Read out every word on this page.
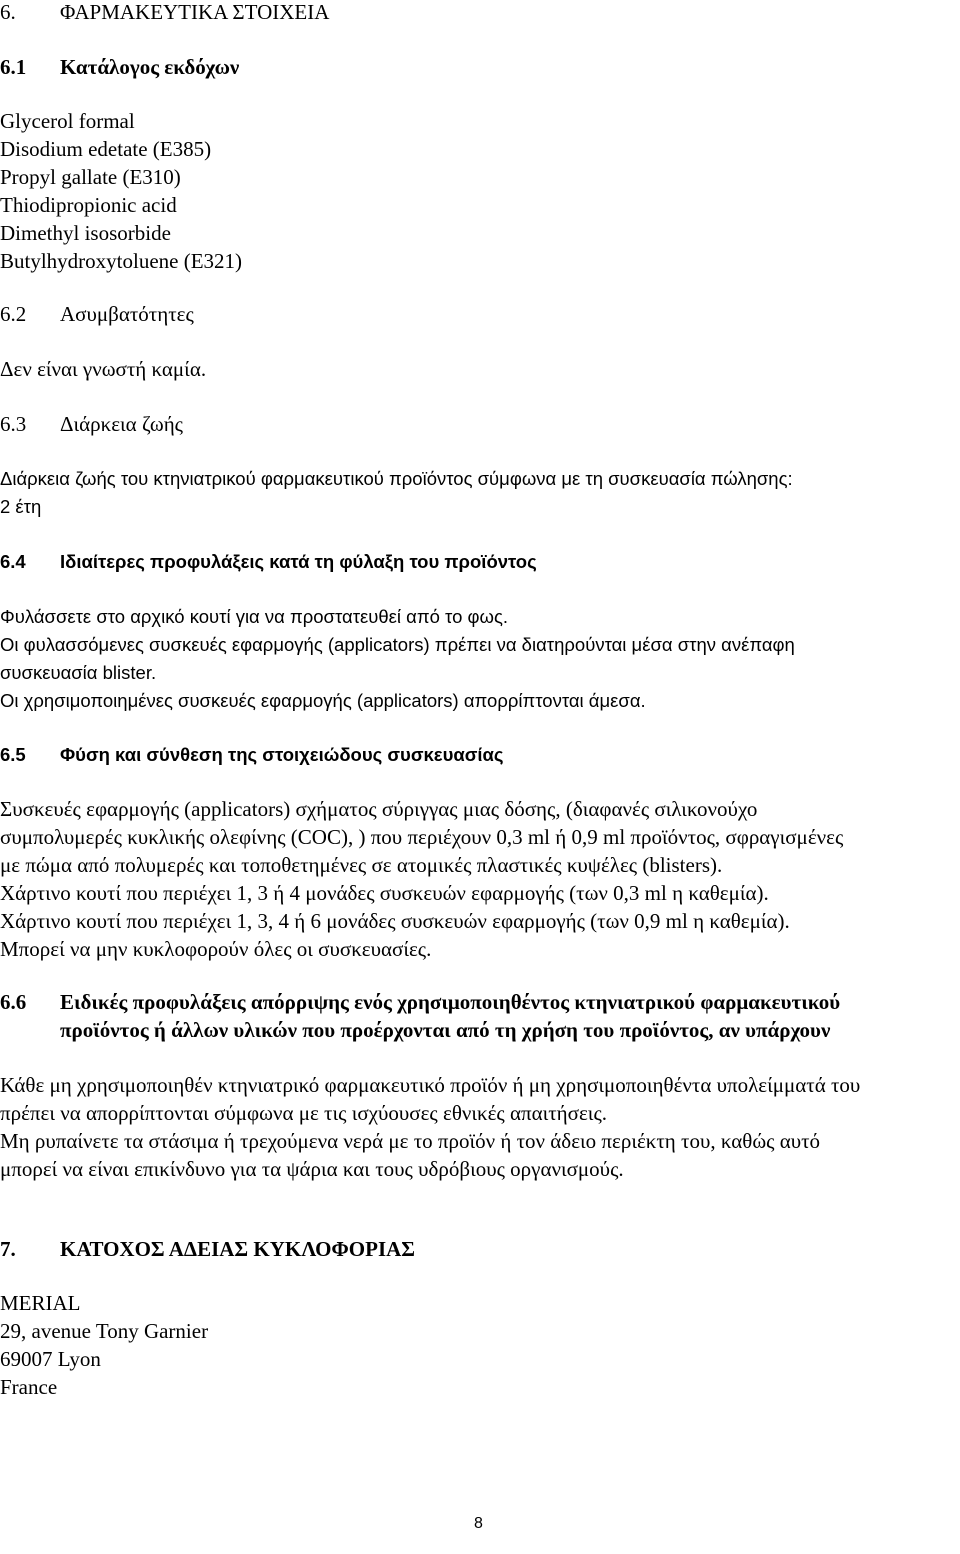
6. ΦΑΡΜΑΚΕΥΤΙΚΑ ΣΤΟΙΧΕΙΑ
6.1 Κατάλογος εκδόχων
Glycerol formal
Disodium edetate (E385)
Propyl gallate (E310)
Thiodipropionic acid
Dimethyl isosorbide
Butylhydroxytoluene (E321)
6.2 Ασυμβατότητες
Δεν είναι γνωστή καμία.
6.3 Διάρκεια ζωής
Διάρκεια ζωής του κτηνιατρικού φαρμακευτικού προϊόντος σύμφωνα με τη συσκευασία πώλησης:
2 έτη
6.4 Ιδιαίτερες προφυλάξεις κατά τη φύλαξη του προϊόντος
Φυλάσσετε στο αρχικό κουτί για να προστατευθεί από το φως.
Οι φυλασσόμενες συσκευές εφαρμογής (applicators) πρέπει να διατηρούνται μέσα στην ανέπαφη
συσκευασία blister.
Οι χρησιμοποιημένες συσκευές εφαρμογής (applicators) απορρίπτονται άμεσα.
6.5 Φύση και σύνθεση της στοιχειώδους συσκευασίας
Συσκευές εφαρμογής (applicators) σχήματος σύριγγας μιας δόσης, (διαφανές σιλικονούχο
συμπολυμερές κυκλικής ολεφίνης (COC), ) που περιέχουν 0,3 ml ή 0,9 ml προϊόντος, σφραγισμένες
με πώμα από πολυμερές και τοποθετημένες σε ατομικές πλαστικές κυψέλες (blisters).
Χάρτινο κουτί που περιέχει 1, 3 ή 4 μονάδες συσκευών εφαρμογής (των 0,3 ml η καθεμία).
Χάρτινο κουτί που περιέχει 1, 3, 4 ή 6 μονάδες συσκευών εφαρμογής (των 0,9 ml η καθεμία).
Μπορεί να μην κυκλοφορούν όλες οι συσκευασίες.
6.6 Ειδικές προφυλάξεις απόρριψης ενός χρησιμοποιηθέντος κτηνιατρικού φαρμακευτικού
προϊόντος ή άλλων υλικών που προέρχονται από τη χρήση του προϊόντος, αν υπάρχουν
Κάθε μη χρησιμοποιηθέν κτηνιατρικό φαρμακευτικό προϊόν ή μη χρησιμοποιηθέντα υπολείμματά του
πρέπει να απορρίπτονται σύμφωνα με τις ισχύουσες εθνικές απαιτήσεις.
Μη ρυπαίνετε τα στάσιμα ή τρεχούμενα νερά με το προϊόν ή τον άδειο περιέκτη του, καθώς αυτό
μπορεί να είναι επικίνδυνο για τα ψάρια και τους υδρόβιους οργανισμούς.
7. ΚΑΤΟΧΟΣ ΑΔΕΙΑΣ ΚΥΚΛΟΦΟΡΙΑΣ
MERIAL
29, avenue Tony Garnier
69007 Lyon
France
8
